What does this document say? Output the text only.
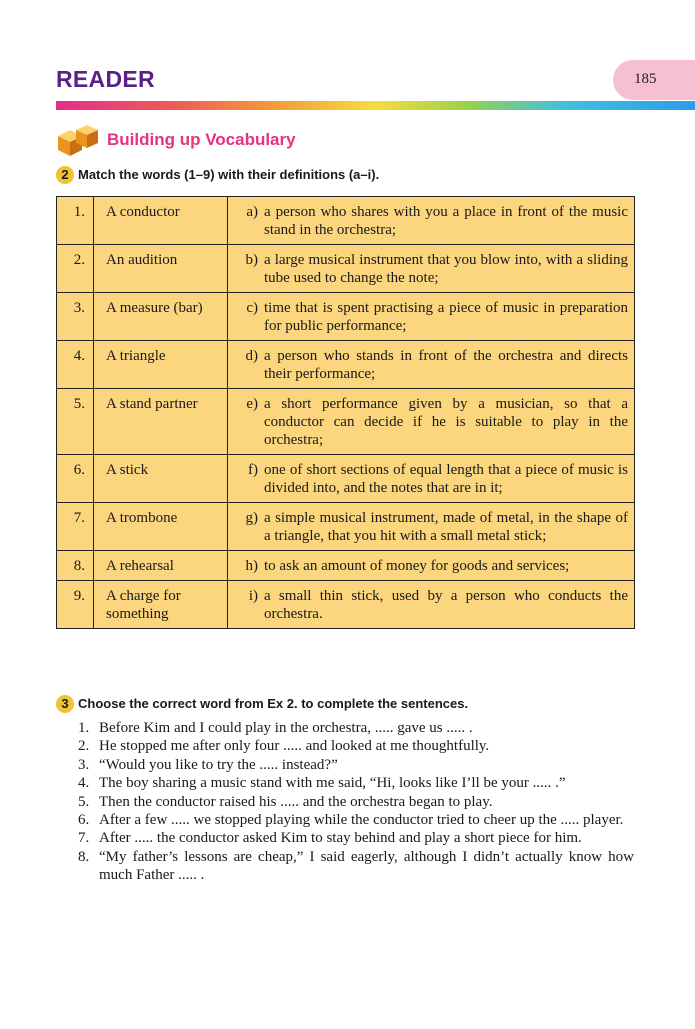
READER	185
Building up Vocabulary
2 Match the words (1–9) with their definitions (a–i).
1.	A conductor	a) a person who shares with you a place in front of the music stand in the orchestra;

2.	An audition	b) a large musical instrument that you blow into, with a sliding tube used to change the note;

3.	A measure (bar)	c) time that is spent practising a piece of music in preparation for public performance;

4.	A triangle	d) a person who stands in front of the orchestra and directs their performance;

5.	A stand partner	e) a short performance given by a musician, so that a conductor can decide if he is suitable to play in the orchestra;

6.	A stick	f) one of short sections of equal length that a piece of music is divided into, and the notes that are in it;

7.	A trombone	g) a simple musical instrument, made of metal, in the shape of a triangle, that you hit with a small metal stick;

8.	A rehearsal	h) to ask an amount of money for goods and services;

9.	A charge for something	i) a small thin stick, used by a person who conducts the orchestra.
3 Choose the correct word from Ex 2. to complete the sentences.
1. Before Kim and I could play in the orchestra, ..... gave us ..... .
2. He stopped me after only four ..... and looked at me thoughtfully.
3. “Would you like to try the ..... instead?”
4. The boy sharing a music stand with me said, “Hi, looks like I’ll be your ..... .”
5. Then the conductor raised his ..... and the orchestra began to play.
6. After a few ..... we stopped playing while the conductor tried to cheer up the ..... player.
7. After ..... the conductor asked Kim to stay behind and play a short piece for him.
8. “My father’s lessons are cheap,” I said eagerly, although I didn’t actually know how much Father ..... .
